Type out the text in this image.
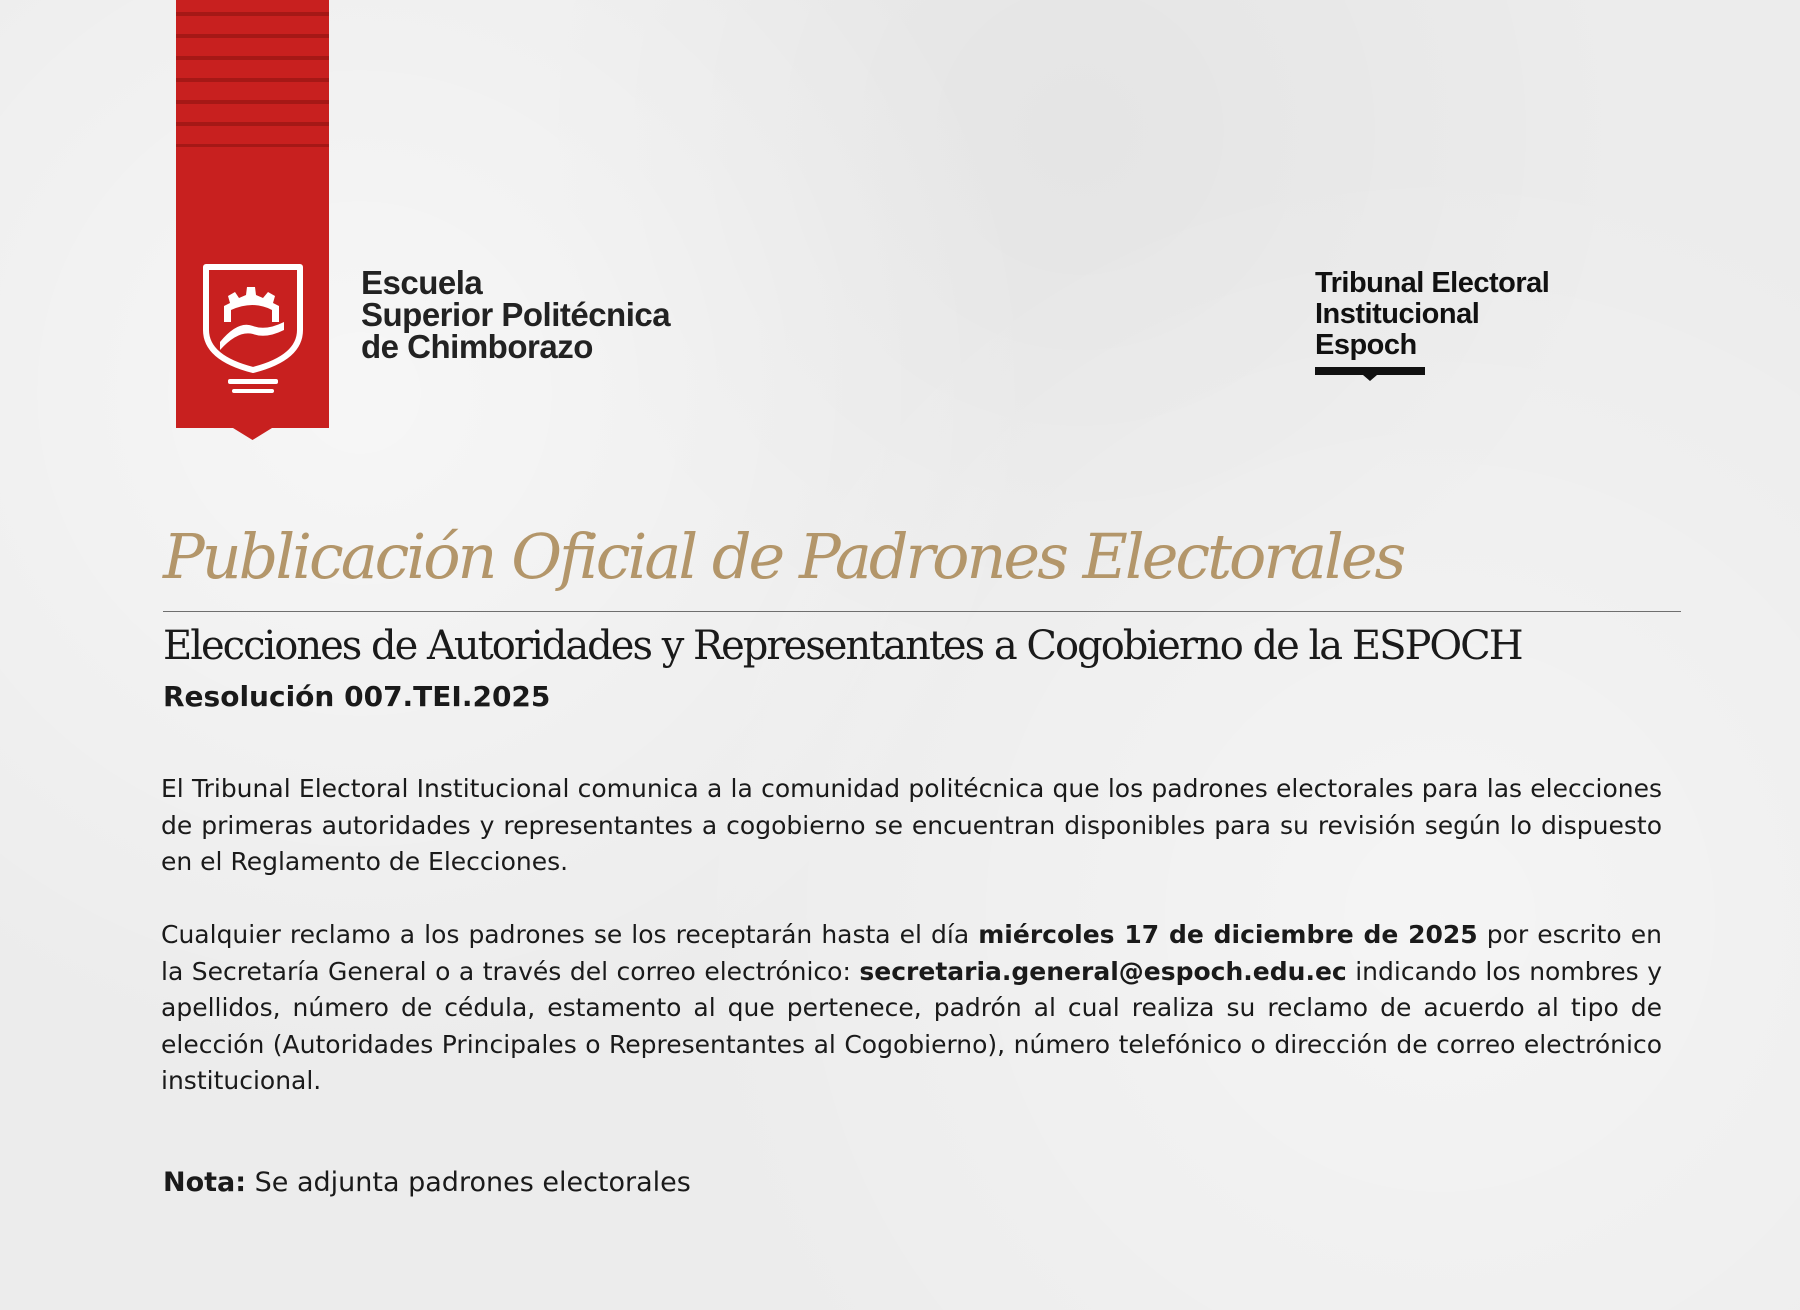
Escuela
Superior Politécnica
de Chimborazo
Tribunal Electoral
Institucional
Espoch
Publicación Oficial de Padrones Electorales
Elecciones de Autoridades y Representantes a Cogobierno de la ESPOCH
Resolución 007.TEI.2025
El Tribunal Electoral Institucional comunica a la comunidad politécnica que los padrones electorales para las elecciones de primeras autoridades y representantes a cogobierno se encuentran disponibles para su revisión según lo dispuesto en el Reglamento de Elecciones.
Cualquier reclamo a los padrones se los receptarán hasta el día miércoles 17 de diciembre de 2025 por escrito en la Secretaría General o a través del correo electrónico: secretaria.general@espoch.edu.ec indicando los nombres y apellidos, número de cédula, estamento al que pertenece, padrón al cual realiza su reclamo de acuerdo al tipo de elección (Autoridades Principales o Representantes al Cogobierno), número telefónico o dirección de correo electrónico institucional.
Nota: Se adjunta padrones electorales
